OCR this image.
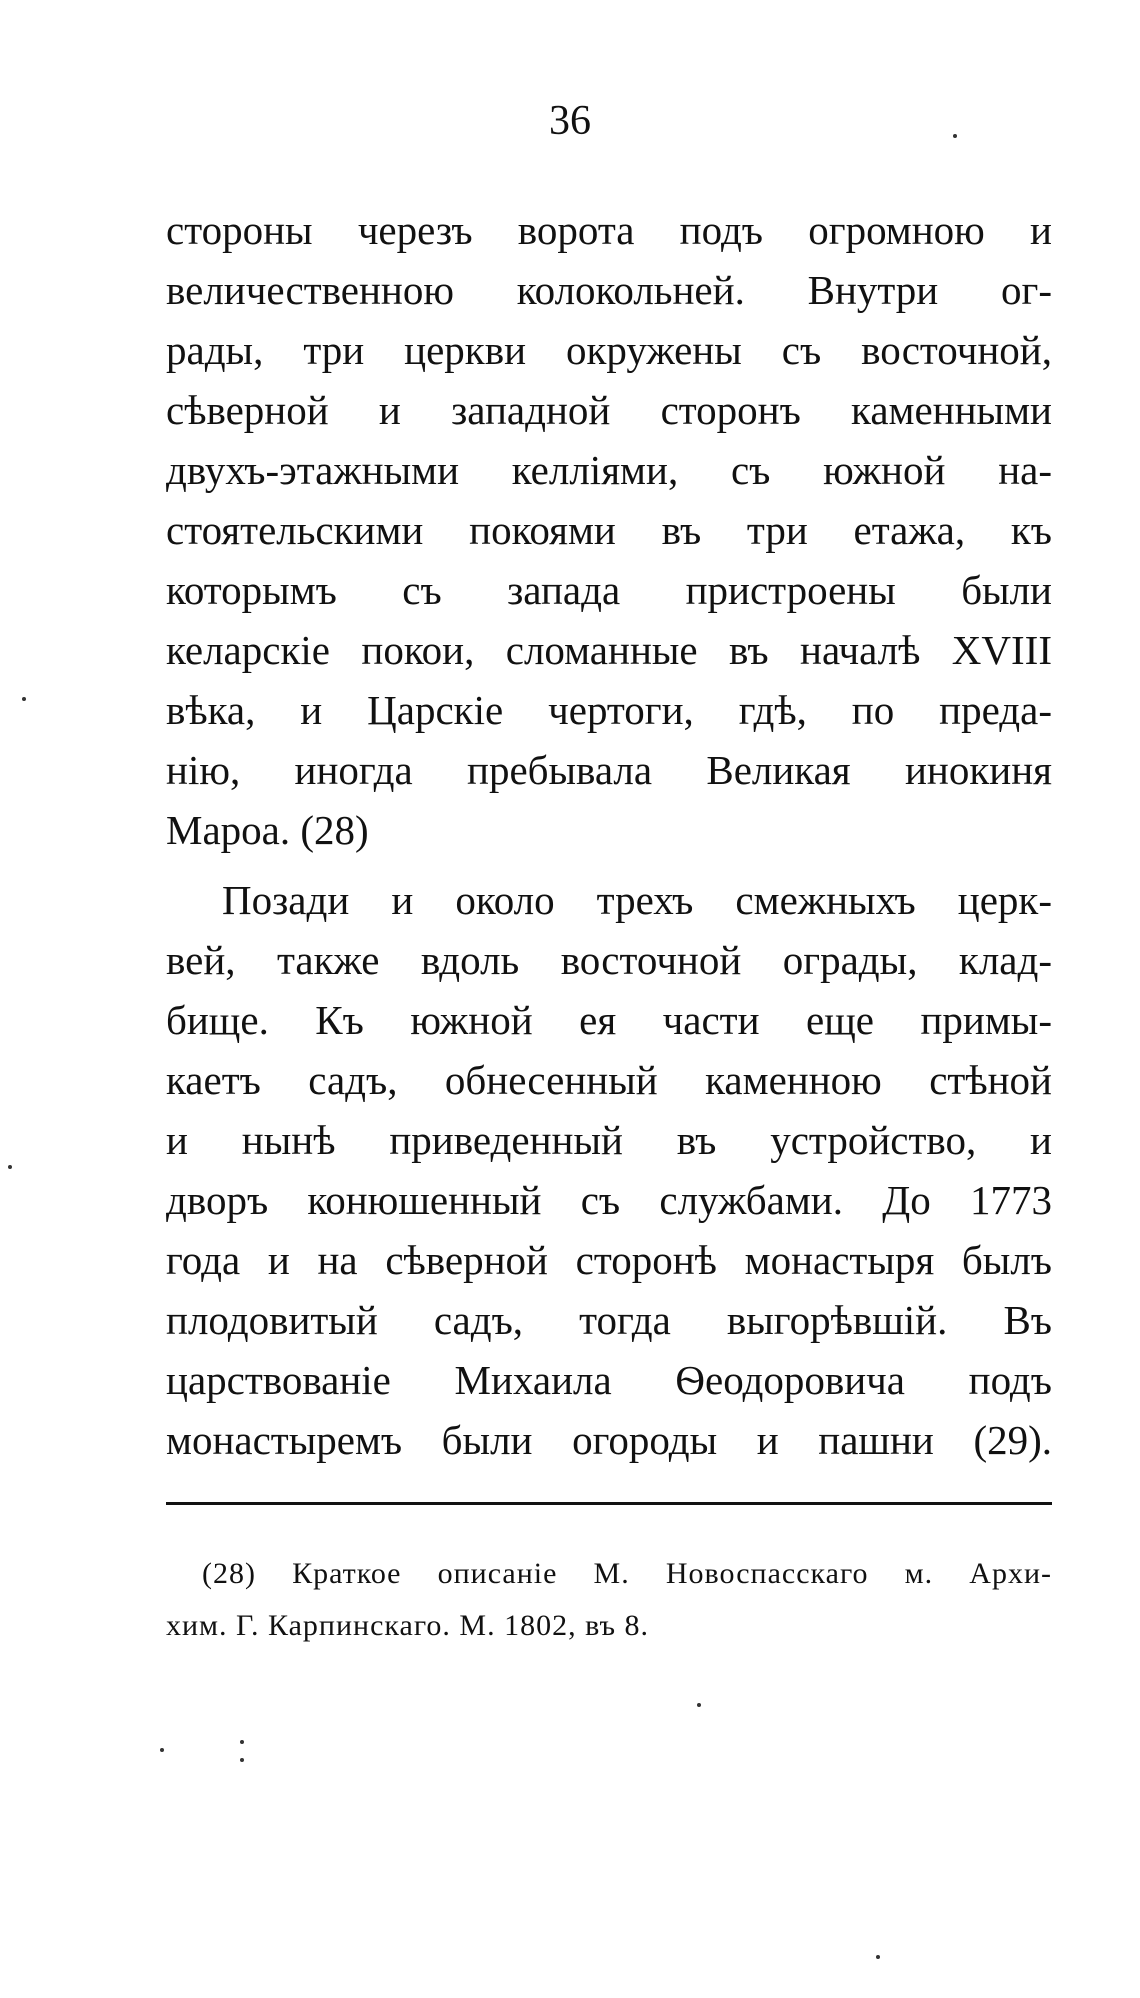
36
стороны черезъ ворота подъ огромною и
величественною колокольней. Внутри ог-
рады, три церкви окружены съ восточной,
сѣверной и западной сторонъ каменными
двухъ-этажными келліями, съ южной на-
стоятельскими покоями въ три етажа, къ
которымъ съ запада пристроены были
келарскіе покои, сломанные въ началѣ XVIII
вѣка, и Царскіе чертоги, гдѣ, по преда-
нію, иногда пребывала Великая инокиня
Мароа. (28)
Позади и около трехъ смежныхъ церк-
вей, также вдоль восточной ограды, клад-
бище. Къ южной ея части еще примы-
каетъ садъ, обнесенный каменною стѣной
и нынѣ приведенный въ устройство, и
дворъ конюшенный съ службами. До 1773
года и на сѣверной сторонѣ монастыря былъ
плодовитый садъ, тогда выгорѣвшій. Въ
царствованіе Михаила Ѳеодоровича подъ
монастыремъ были огороды и пашни (29).
(28) Краткое описаніе М. Новоспасскаго м. Архи-
хим. Г. Карпинскаго. М. 1802, въ 8.
